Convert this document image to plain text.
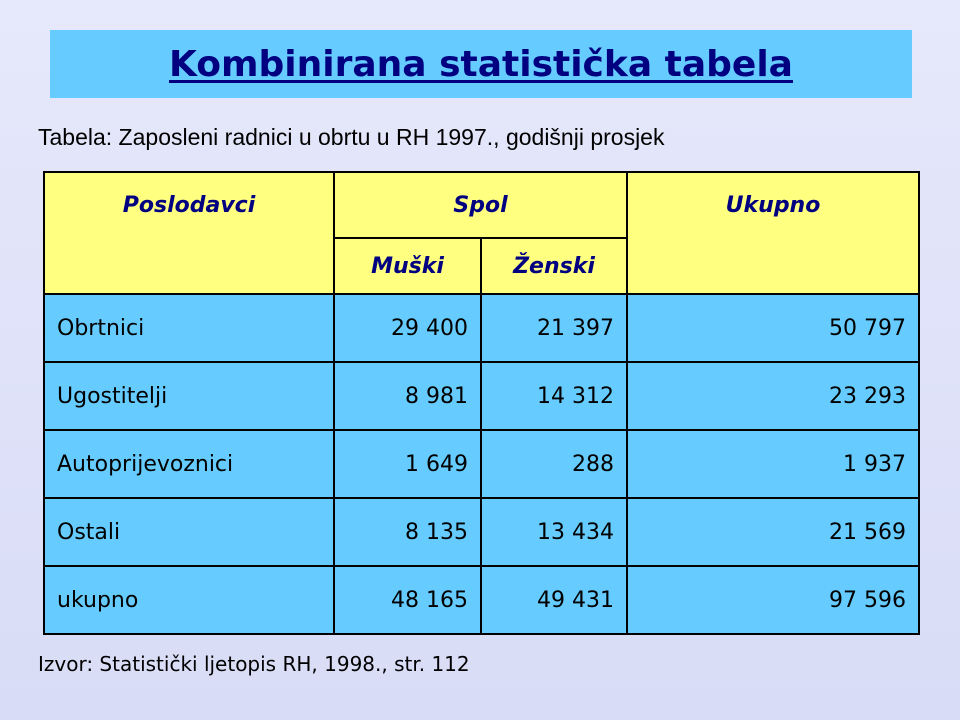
Kombinirana statistička tabela
Tabela: Zaposleni radnici u obrtu u RH 1997., godišnji prosjek
Poslodavci	Spol		Ukupno
	Muški	Ženski	
Obrtnici	29 400	21 397	50 797
Ugostitelji	8 981	14 312	23 293
Autoprijevoznici	1 649	288	1 937
Ostali	8 135	13 434	21 569
ukupno	48 165	49 431	97 596
Izvor: Statistički ljetopis RH, 1998., str. 112
